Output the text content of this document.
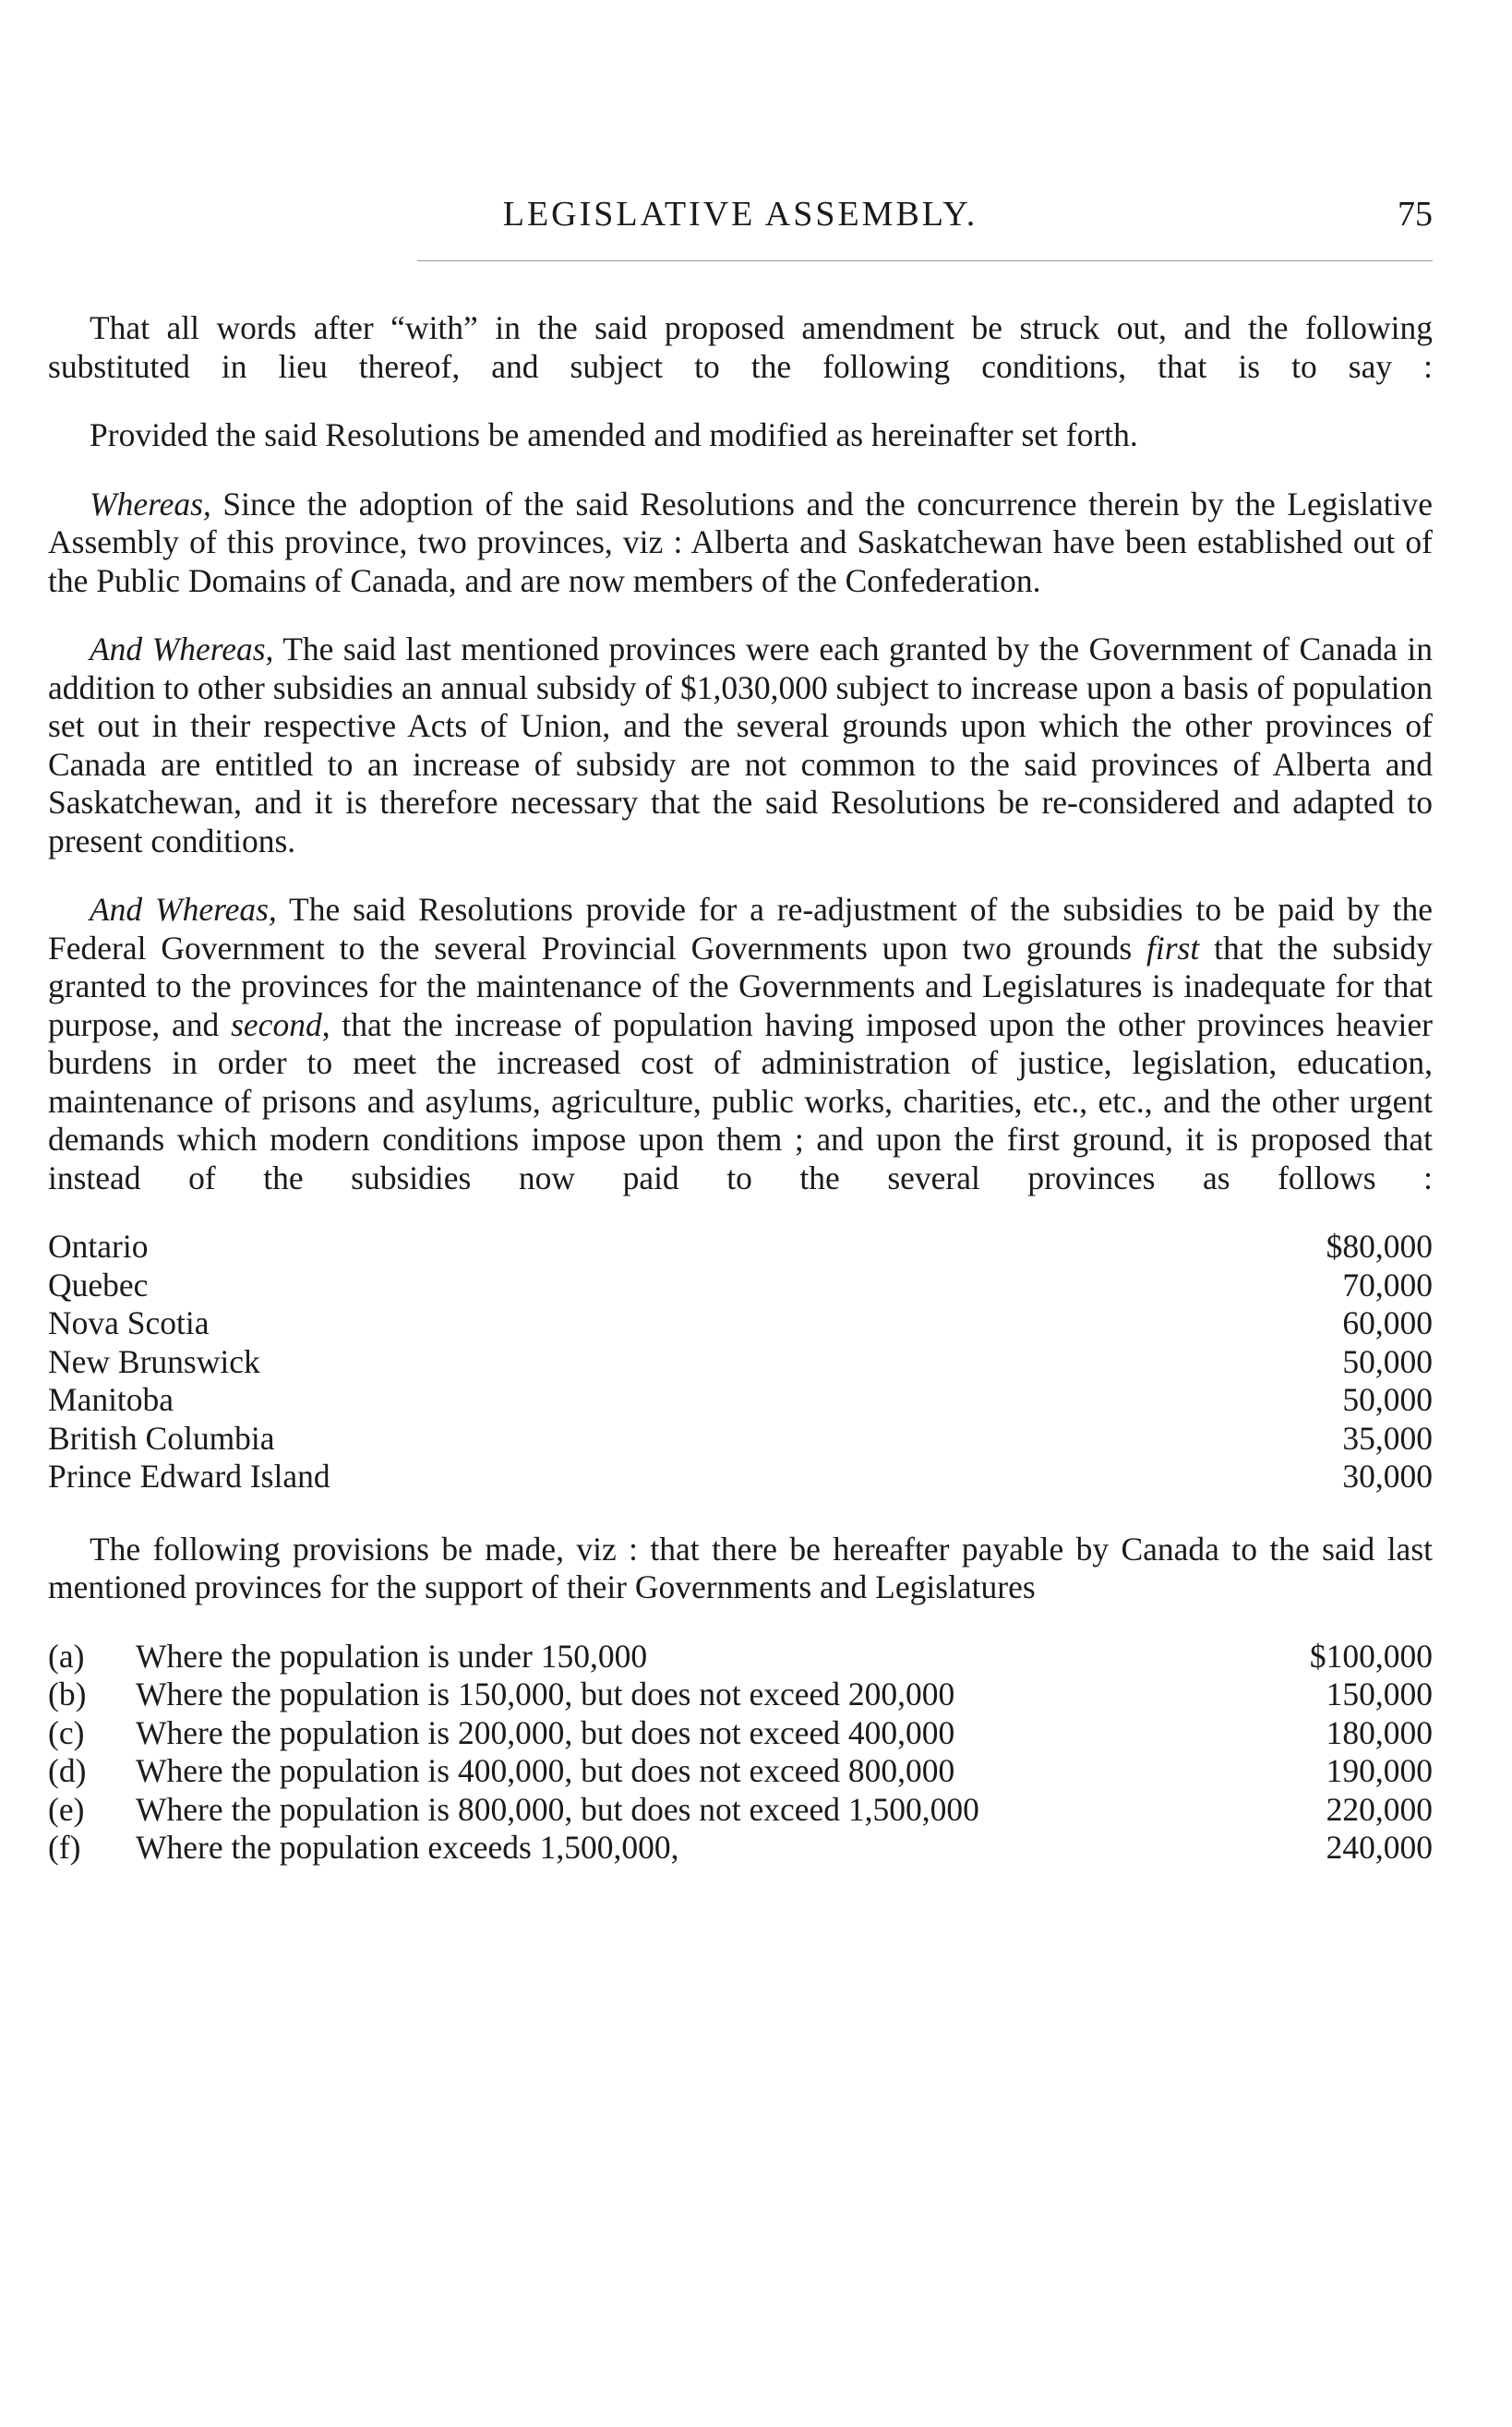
LEGISLATIVE ASSEMBLY.	75

That all words after “with” in the said proposed amendment be struck out, and the following substituted in lieu thereof, and subject to the following conditions, that is to say :

Provided the said Resolutions be amended and modified as hereinafter set forth.

Whereas, Since the adoption of the said Resolutions and the concurrence therein by the Legislative Assembly of this province, two provinces, viz : Alberta and Saskatchewan have been established out of the Public Domains of Canada, and are now members of the Confederation.

And Whereas, The said last mentioned provinces were each granted by the Government of Canada in addition to other subsidies an annual subsidy of $1,030,000 subject to increase upon a basis of population set out in their respective Acts of Union, and the several grounds upon which the other provinces of Canada are entitled to an increase of subsidy are not common to the said provinces of Alberta and Saskatchewan, and it is therefore necessary that the said Resolutions be re-considered and adapted to present conditions.

And Whereas, The said Resolutions provide for a re-adjustment of the subsidies to be paid by the Federal Government to the several Provincial Governments upon two grounds first that the subsidy granted to the provinces for the maintenance of the Governments and Legislatures is inadequate for that purpose, and second, that the increase of population having imposed upon the other provinces heavier burdens in order to meet the increased cost of administration of justice, legislation, education, maintenance of prisons and asylums, agriculture, public works, charities, etc., etc., and the other urgent demands which modern conditions impose upon them ; and upon the first ground, it is proposed that instead of the subsidies now paid to the several provinces as follows :

Ontario	$80,000
Quebec	70,000
Nova Scotia	60,000
New Brunswick	50,000
Manitoba	50,000
British Columbia	35,000
Prince Edward Island	30,000

The following provisions be made, viz : that there be hereafter payable by Canada to the said last mentioned provinces for the support of their Governments and Legislatures

(a)	Where the population is under 150,000	$100,000
(b)	Where the population is 150,000, but does not exceed 200,000	150,000
(c)	Where the population is 200,000, but does not exceed 400,000	180,000
(d)	Where the population is 400,000, but does not exceed 800,000	190,000
(e)	Where the population is 800,000, but does not exceed 1,500,000	220,000
(f)	Where the population exceeds 1,500,000,	240,000
